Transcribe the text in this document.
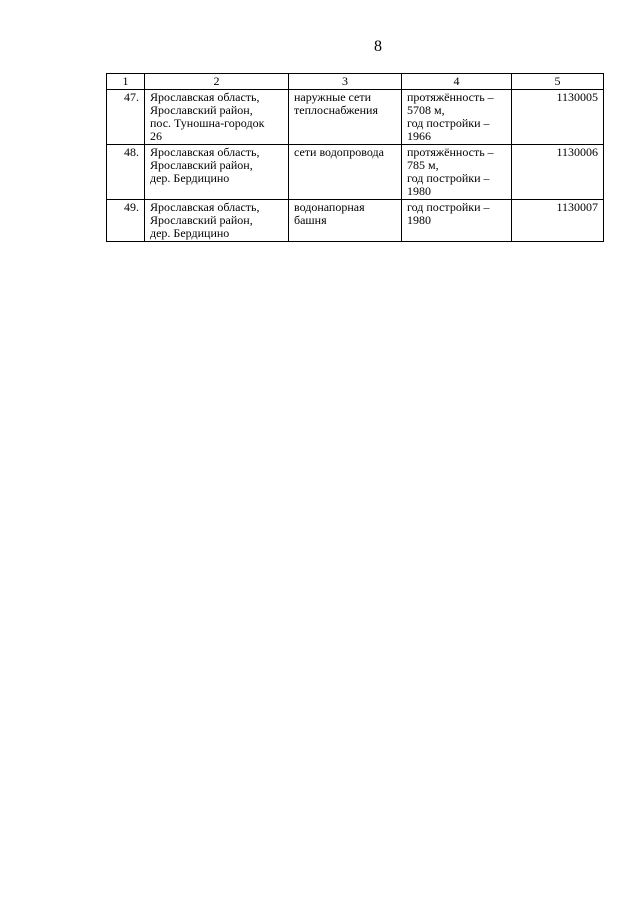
8
1	2	3	4	5
47.	Ярославская область,
Ярославский район,
пос. Туношна-городок
26	наружные сети
теплоснабжения	протяжённость –
5708 м,
год постройки –
1966	1130005
48.	Ярославская область,
Ярославский район,
дер. Бердицино	сети водопровода	протяжённость –
785 м,
год постройки –
1980	1130006
49.	Ярославская область,
Ярославский район,
дер. Бердицино	водонапорная
башня	год постройки –
1980	1130007
